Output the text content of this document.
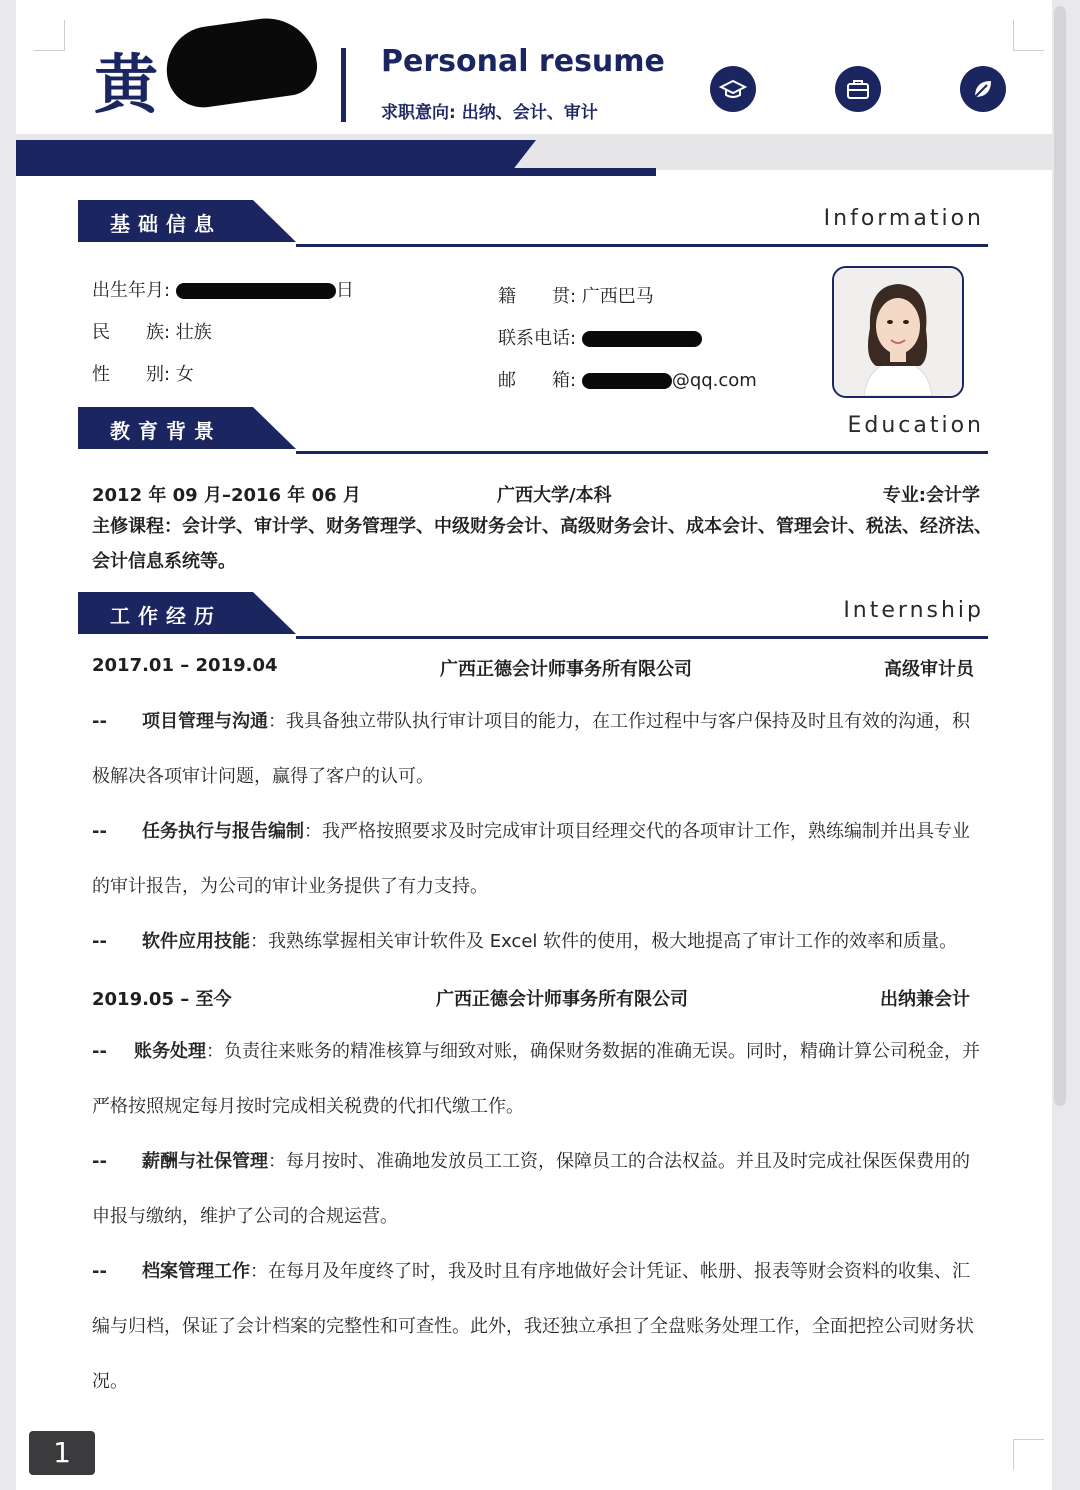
黄	Personal resume
求职意向: 出纳、会计、审计
基础信息	Information
出生年月:	日
民　　族: 壮族
性　　别: 女
籍　　贯: 广西巴马
联系电话:
邮　　箱:	@qq.com
教育背景	Education
2012 年 09 月–2016 年 06 月	广西大学/本科	专业:会计学
主修课程：会计学、审计学、财务管理学、中级财务会计、高级财务会计、成本会计、管理会计、税法、经济法、会计信息系统等。
工作经历	Internship
2017.01 – 2019.04	广西正德会计师事务所有限公司	高级审计员
-- 项目管理与沟通：我具备独立带队执行审计项目的能力，在工作过程中与客户保持及时且有效的沟通，积极解决各项审计问题，赢得了客户的认可。
-- 任务执行与报告编制：我严格按照要求及时完成审计项目经理交代的各项审计工作，熟练编制并出具专业的审计报告，为公司的审计业务提供了有力支持。
-- 软件应用技能：我熟练掌握相关审计软件及 Excel 软件的使用，极大地提高了审计工作的效率和质量。
2019.05 – 至今	广西正德会计师事务所有限公司	出纳兼会计
-- 账务处理：负责往来账务的精准核算与细致对账，确保财务数据的准确无误。同时，精确计算公司税金，并严格按照规定每月按时完成相关税费的代扣代缴工作。
-- 薪酬与社保管理：每月按时、准确地发放员工工资，保障员工的合法权益。并且及时完成社保医保费用的申报与缴纳，维护了公司的合规运营。
-- 档案管理工作：在每月及年度终了时，我及时且有序地做好会计凭证、帐册、报表等财会资料的收集、汇编与归档，保证了会计档案的完整性和可查性。此外，我还独立承担了全盘账务处理工作，全面把控公司财务状况。
1
